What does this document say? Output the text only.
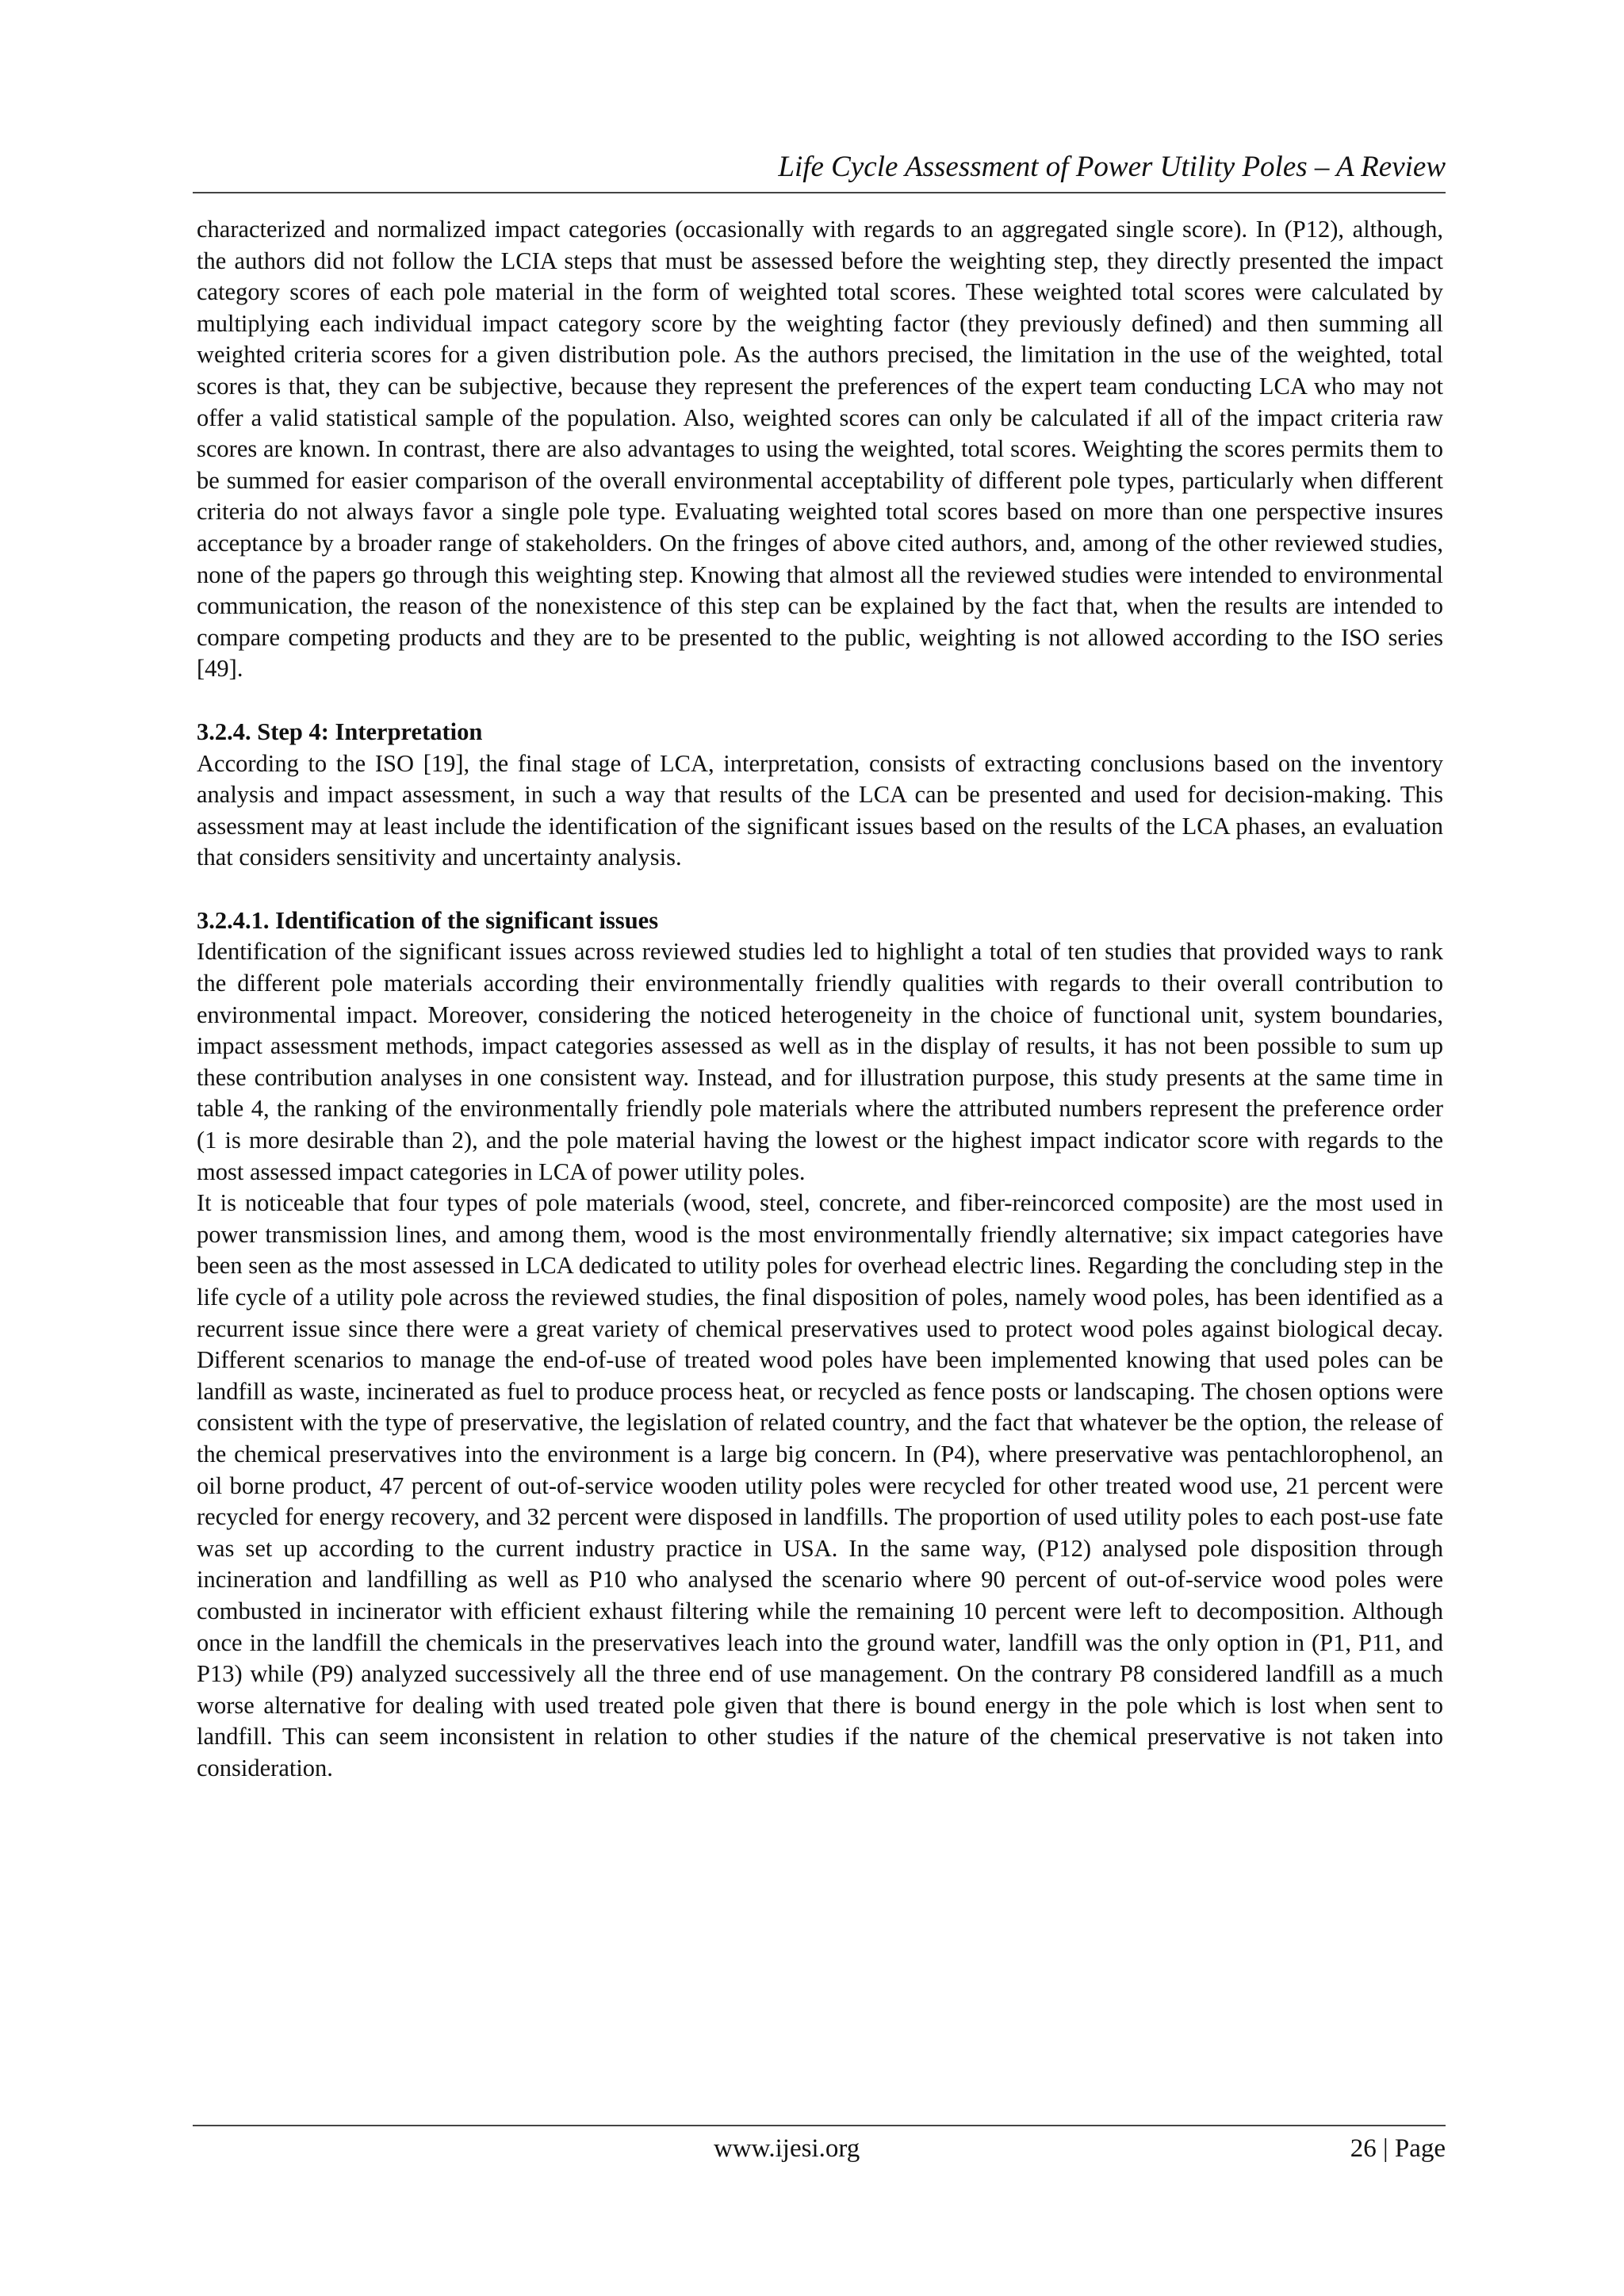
Life Cycle Assessment of Power Utility Poles – A Review

characterized and normalized impact categories (occasionally with regards to an aggregated single score). In (P12), although, the authors did not follow the LCIA steps that must be assessed before the weighting step, they directly presented the impact category scores of each pole material in the form of weighted total scores. These weighted total scores were calculated by multiplying each individual impact category score by the weighting factor (they previously defined) and then summing all weighted criteria scores for a given distribution pole. As the authors precised, the limitation in the use of the weighted, total scores is that, they can be subjective, because they represent the preferences of the expert team conducting LCA who may not offer a valid statistical sample of the population. Also, weighted scores can only be calculated if all of the impact criteria raw scores are known. In contrast, there are also advantages to using the weighted, total scores. Weighting the scores permits them to be summed for easier comparison of the overall environmental acceptability of different pole types, particularly when different criteria do not always favor a single pole type. Evaluating weighted total scores based on more than one perspective insures acceptance by a broader range of stakeholders. On the fringes of above cited authors, and, among of the other reviewed studies, none of the papers go through this weighting step. Knowing that almost all the reviewed studies were intended to environmental communication, the reason of the nonexistence of this step can be explained by the fact that, when the results are intended to compare competing products and they are to be presented to the public, weighting is not allowed according to the ISO series [49].

3.2.4. Step 4: Interpretation

According to the ISO [19], the final stage of LCA, interpretation, consists of extracting conclusions based on the inventory analysis and impact assessment, in such a way that results of the LCA can be presented and used for decision-making. This assessment may at least include the identification of the significant issues based on the results of the LCA phases, an evaluation that considers sensitivity and uncertainty analysis.

3.2.4.1. Identification of the significant issues

Identification of the significant issues across reviewed studies led to highlight a total of ten studies that provided ways to rank the different pole materials according their environmentally friendly qualities with regards to their overall contribution to environmental impact. Moreover, considering the noticed heterogeneity in the choice of functional unit, system boundaries, impact assessment methods, impact categories assessed as well as in the display of results, it has not been possible to sum up these contribution analyses in one consistent way. Instead, and for illustration purpose, this study presents at the same time in table 4, the ranking of the environmentally friendly pole materials where the attributed numbers represent the preference order (1 is more desirable than 2), and the pole material having the lowest or the highest impact indicator score with regards to the most assessed impact categories in LCA of power utility poles.

It is noticeable that four types of pole materials (wood, steel, concrete, and fiber-reincorced composite) are the most used in power transmission lines, and among them, wood is the most environmentally friendly alternative; six impact categories have been seen as the most assessed in LCA dedicated to utility poles for overhead electric lines. Regarding the concluding step in the life cycle of a utility pole across the reviewed studies, the final disposition of poles, namely wood poles, has been identified as a recurrent issue since there were a great variety of chemical preservatives used to protect wood poles against biological decay. Different scenarios to manage the end-of-use of treated wood poles have been implemented knowing that used poles can be landfill as waste, incinerated as fuel to produce process heat, or recycled as fence posts or landscaping. The chosen options were consistent with the type of preservative, the legislation of related country, and the fact that whatever be the option, the release of the chemical preservatives into the environment is a large big concern. In (P4), where preservative was pentachlorophenol, an oil borne product, 47 percent of out-of-service wooden utility poles were recycled for other treated wood use, 21 percent were recycled for energy recovery, and 32 percent were disposed in landfills. The proportion of used utility poles to each post-use fate was set up according to the current industry practice in USA. In the same way, (P12) analysed pole disposition through incineration and landfilling as well as P10 who analysed the scenario where 90 percent of out-of-service wood poles were combusted in incinerator with efficient exhaust filtering while the remaining 10 percent were left to decomposition. Although once in the landfill the chemicals in the preservatives leach into the ground water, landfill was the only option in (P1, P11, and P13) while (P9) analyzed successively all the three end of use management. On the contrary P8 considered landfill as a much worse alternative for dealing with used treated pole given that there is bound energy in the pole which is lost when sent to landfill. This can seem inconsistent in relation to other studies if the nature of the chemical preservative is not taken into consideration.

www.ijesi.org	26 | Page
